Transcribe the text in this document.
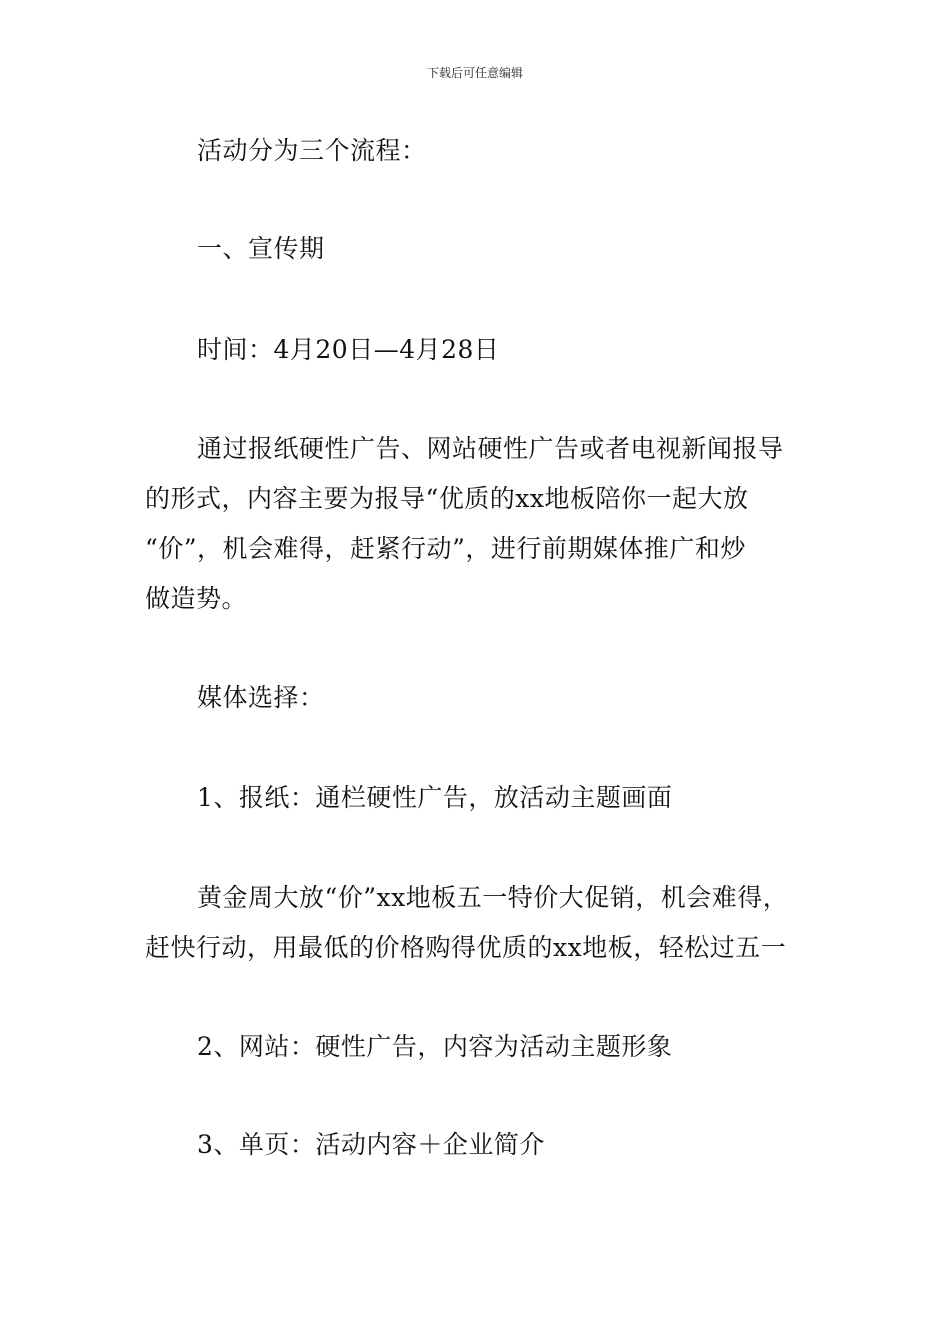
下载后可任意编辑
活动分为三个流程：
一、宣传期
时间：4月20日—4月28日
通过报纸硬性广告、网站硬性广告或者电视新闻报导
的形式，内容主要为报导“优质的xx地板陪你一起大放
“价”，机会难得，赶紧行动”，进行前期媒体推广和炒
做造势。
媒体选择：
1、报纸：通栏硬性广告，放活动主题画面
黄金周大放“价”xx地板五一特价大促销，机会难得，
赶快行动，用最低的价格购得优质的xx地板，轻松过五一
2、网站：硬性广告，内容为活动主题形象
3、单页：活动内容＋企业简介
